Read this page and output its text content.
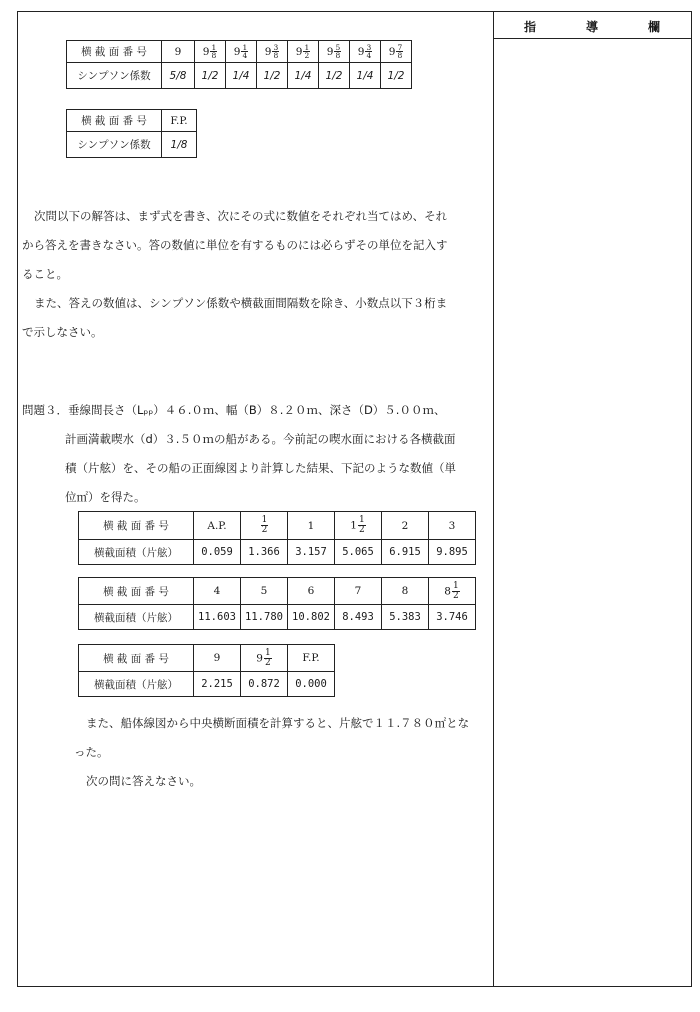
指	導	欄
横 截 面 番 号	9	$9 \frac{1}{8}$	$9 \frac{1}{4}$	$9 \frac{3}{8}$	$9 \frac{1}{2}$	$9 \frac{5}{8}$	$9 \frac{3}{4}$	$9 \frac{7}{8}$

シンプソン係数	5/8	1/2	1/4	1/2	1/4	1/2	1/4	1/2
横 截 面 番 号	F.P.
シンプソン係数	1/8
次問以下の解答は、まず式を書き、次にその式に数値をそれぞれ当てはめ、それ
から答えを書きなさい。答の数値に単位を有するものには必らずその単位を記入す
ること。
また、答えの数値は、シンプソン係数や横截面間隔数を除き、小数点以下３桁ま
で示しなさい。
問題３．垂線間長さ（Lₚₚ）４６.０ｍ、幅（B）８.２０ｍ、深さ（D）５.００ｍ、
計画満載喫水（d）３.５０ｍの船がある。今前記の喫水面における各横截面
積（片舷）を、その船の正面線図より計算した結果、下記のような数値（単
位㎡）を得た。
横 截 面 番 号	A.P.	$\frac{1}{2}$	1	$1 \frac{1}{2}$	2	3
横截面積（片舷）	0.059	1.366	3.157	5.065	6.915	9.895
横 截 面 番 号	4	5	6	7	8	$8 \frac{1}{2}$

横截面積（片舷）	11.603	11.780	10.802	8.493	5.383	3.746
横 截 面 番 号	9	$9 \frac{1}{2}$	F.P.
横截面積（片舷）	2.215	0.872	0.000
また、船体線図から中央横断面積を計算すると、片舷で１１.７８０㎡とな
った。
次の問に答えなさい。
